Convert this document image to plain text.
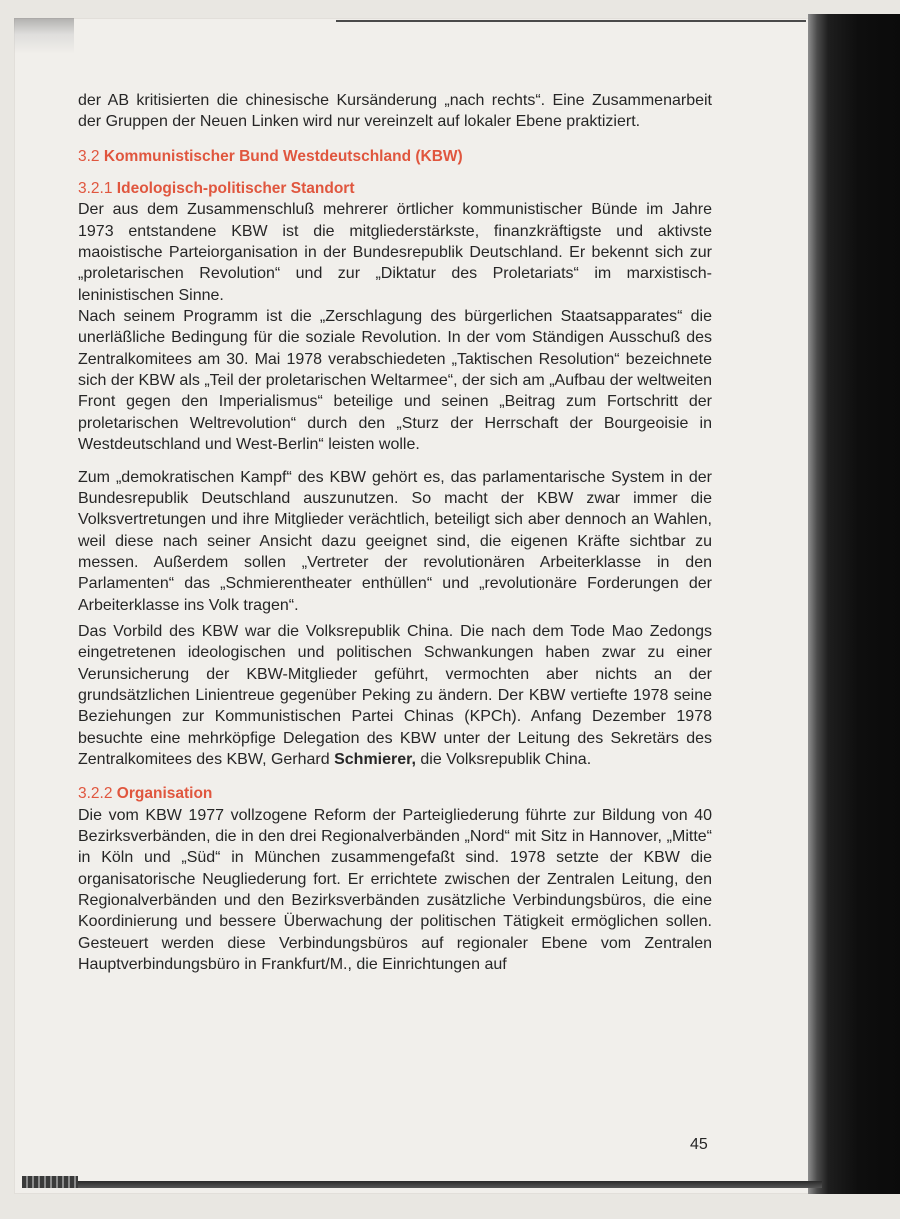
der AB kritisierten die chinesische Kursänderung „nach rechts“. Eine Zusammenarbeit der Gruppen der Neuen Linken wird nur vereinzelt auf lokaler Ebene praktiziert.

3.2 Kommunistischer Bund Westdeutschland (KBW)

3.2.1 Ideologisch-politischer Standort

Der aus dem Zusammenschluß mehrerer örtlicher kommunistischer Bünde im Jahre 1973 entstandene KBW ist die mitgliederstärkste, finanzkräftigste und aktivste maoistische Parteiorganisation in der Bundesrepublik Deutschland. Er bekennt sich zur „proletarischen Revolution“ und zur „Diktatur des Proletariats“ im marxistisch-leninistischen Sinne.

Nach seinem Programm ist die „Zerschlagung des bürgerlichen Staatsapparates“ die unerläßliche Bedingung für die soziale Revolution. In der vom Ständigen Ausschuß des Zentralkomitees am 30. Mai 1978 verabschiedeten „Taktischen Resolution“ bezeichnete sich der KBW als „Teil der proletarischen Weltarmee“, der sich am „Aufbau der weltweiten Front gegen den Imperialismus“ beteilige und seinen „Beitrag zum Fortschritt der proletarischen Weltrevolution“ durch den „Sturz der Herrschaft der Bourgeoisie in Westdeutschland und West-Berlin“ leisten wolle.

Zum „demokratischen Kampf“ des KBW gehört es, das parlamentarische System in der Bundesrepublik Deutschland auszunutzen. So macht der KBW zwar immer die Volksvertretungen und ihre Mitglieder verächtlich, beteiligt sich aber dennoch an Wahlen, weil diese nach seiner Ansicht dazu geeignet sind, die eigenen Kräfte sichtbar zu messen. Außerdem sollen „Vertreter der revolutionären Arbeiterklasse in den Parlamenten“ das „Schmierentheater enthüllen“ und „revolutionäre Forderungen der Arbeiterklasse ins Volk tragen“.

Das Vorbild des KBW war die Volksrepublik China. Die nach dem Tode Mao Zedongs eingetretenen ideologischen und politischen Schwankungen haben zwar zu einer Verunsicherung der KBW-Mitglieder geführt, vermochten aber nichts an der grundsätzlichen Linientreue gegenüber Peking zu ändern. Der KBW vertiefte 1978 seine Beziehungen zur Kommunistischen Partei Chinas (KPCh). Anfang Dezember 1978 besuchte eine mehrköpfige Delegation des KBW unter der Leitung des Sekretärs des Zentralkomitees des KBW, Gerhard Schmierer, die Volksrepublik China.

3.2.2 Organisation

Die vom KBW 1977 vollzogene Reform der Parteigliederung führte zur Bildung von 40 Bezirksverbänden, die in den drei Regionalverbänden „Nord“ mit Sitz in Hannover, „Mitte“ in Köln und „Süd“ in München zusammengefaßt sind. 1978 setzte der KBW die organisatorische Neugliederung fort. Er errichtete zwischen der Zentralen Leitung, den Regionalverbänden und den Bezirksverbänden zusätzliche Verbindungsbüros, die eine Koordinierung und bessere Überwachung der politischen Tätigkeit ermöglichen sollen. Gesteuert werden diese Verbindungsbüros auf regionaler Ebene vom Zentralen Hauptverbindungsbüro in Frankfurt/M., die Einrichtungen auf

45
